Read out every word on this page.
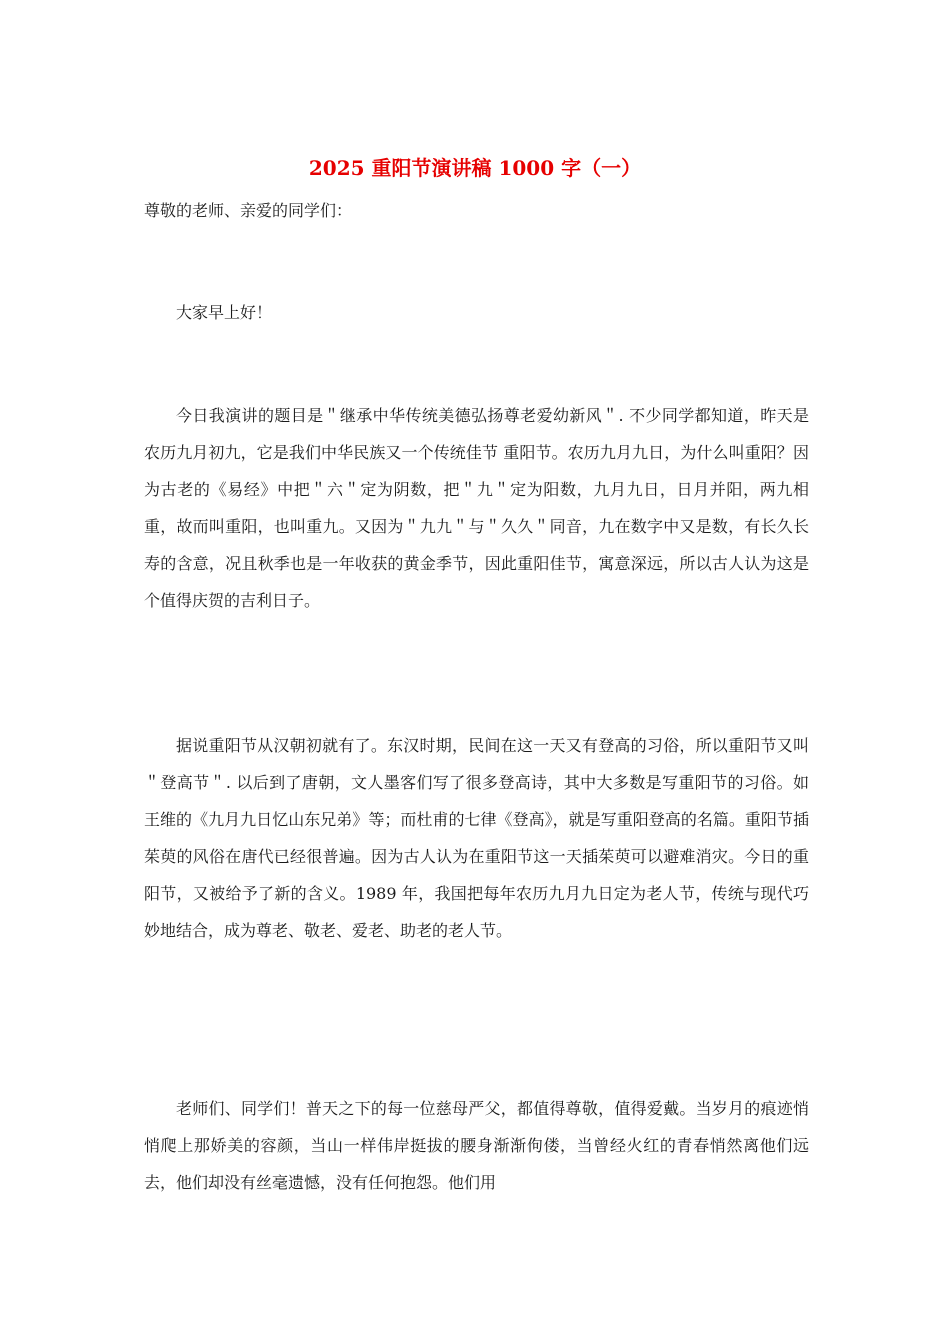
2025 重阳节演讲稿 1000 字（一）
尊敬的老师、亲爱的同学们：

大家早上好！

今日我演讲的题目是＂继承中华传统美德弘扬尊老爱幼新风＂. 不少同学都知道，昨天是农历九月初九，它是我们中华民族又一个传统佳节 重阳节。农历九月九日，为什么叫重阳？因为古老的《易经》中把＂六＂定为阴数，把＂九＂定为阳数，九月九日，日月并阳，两九相重，故而叫重阳，也叫重九。又因为＂九九＂与＂久久＂同音，九在数字中又是数，有长久长寿的含意，况且秋季也是一年收获的黄金季节，因此重阳佳节，寓意深远，所以古人认为这是个值得庆贺的吉利日子。

据说重阳节从汉朝初就有了。东汉时期，民间在这一天又有登高的习俗，所以重阳节又叫＂登高节＂. 以后到了唐朝，文人墨客们写了很多登高诗，其中大多数是写重阳节的习俗。如王维的《九月九日忆山东兄弟》等；而杜甫的七律《登高》，就是写重阳登高的名篇。重阳节插茱萸的风俗在唐代已经很普遍。因为古人认为在重阳节这一天插茱萸可以避难消灾。今日的重阳节，又被给予了新的含义。1989 年，我国把每年农历九月九日定为老人节，传统与现代巧妙地结合，成为尊老、敬老、爱老、助老的老人节。

老师们、同学们！普天之下的每一位慈母严父，都值得尊敬，值得爱戴。当岁月的痕迹悄悄爬上那娇美的容颜，当山一样伟岸挺拔的腰身渐渐佝偻，当曾经火红的青春悄然离他们远去，他们却没有丝毫遗憾，没有任何抱怨。他们用
